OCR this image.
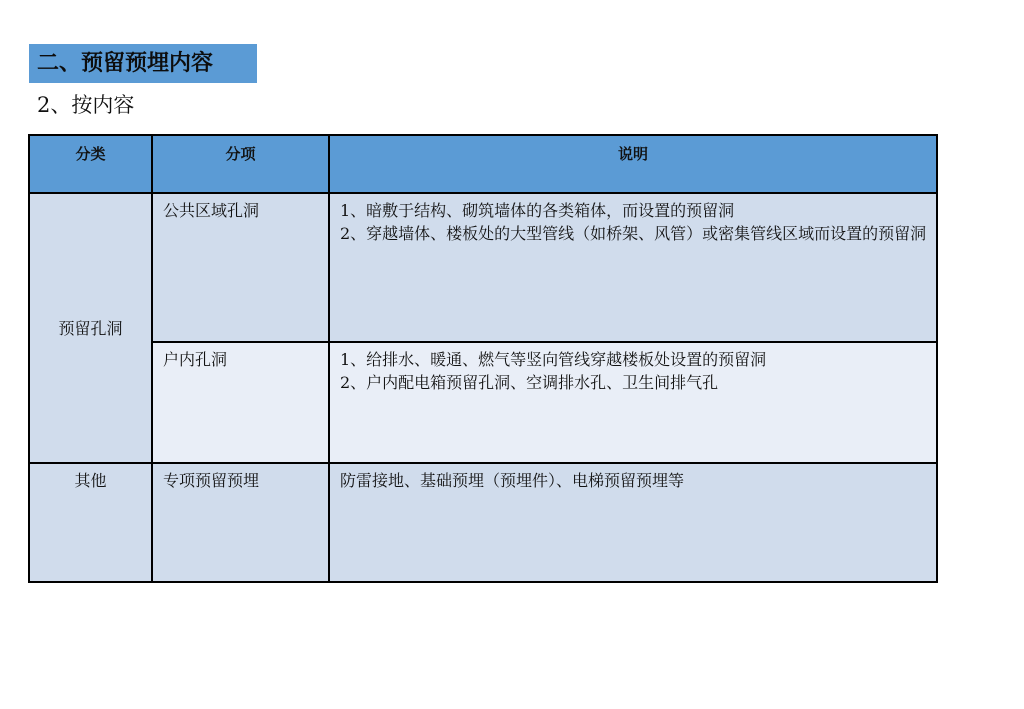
二、预留预埋内容
2、按内容
分类	分项	说明
预留孔洞	公共区域孔洞	1、暗敷于结构、砌筑墙体的各类箱体，而设置的预留洞
2、穿越墙体、楼板处的大型管线（如桥架、风管）或密集管线区域而设置的预留洞

	户内孔洞	1、给排水、暖通、燃气等竖向管线穿越楼板处设置的预留洞
2、户内配电箱预留孔洞、空调排水孔、卫生间排气孔

其他	专项预留预埋	防雷接地、基础预埋（预埋件）、电梯预留预埋等
